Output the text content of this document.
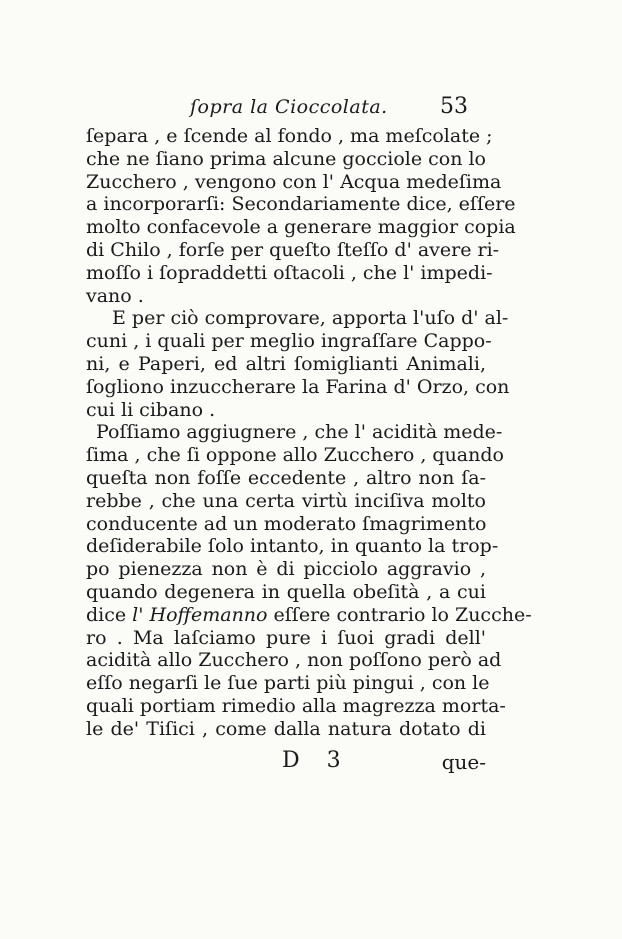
ſopra la Cioccolata. 53
ſepara , e ſcende al fondo , ma meſcolate ;
che ne ſiano prima alcune gocciole con lo
Zucchero , vengono con l' Acqua medeſima
a incorporarſi: Secondariamente dice, eſſere
molto confacevole a generare maggior copia
di Chilo , forſe per queſto ſteſſo d' avere ri-
moſſo i ſopraddetti oſtacoli , che l' impedi-
vano .
E per ciò comprovare, apporta l'uſo d' al-
cuni , i quali per meglio ingraſſare Cappo-
ni, e Paperi, ed altri ſomiglianti Animali,
ſogliono inzuccherare la Farina d' Orzo, con
cui li cibano .
Poſſiamo aggiugnere , che l' acidità mede-
ſima , che ſi oppone allo Zucchero , quando
queſta non foſſe eccedente , altro non ſa-
rebbe , che una certa virtù inciſiva molto
conducente ad un moderato ſmagrimento
deſiderabile ſolo intanto, in quanto la trop-
po pienezza non è di picciolo aggravio ,
quando degenera in quella obeſità , a cui
dice l' Hoffemanno eſſere contrario lo Zucche-
ro . Ma laſciamo pure i ſuoi gradi dell'
acidità allo Zucchero , non poſſono però ad
eſſo negarſi le ſue parti più pingui , con le
quali portiam rimedio alla magrezza morta-
le de' Tiſici , come dalla natura dotato di
D 3	que-
